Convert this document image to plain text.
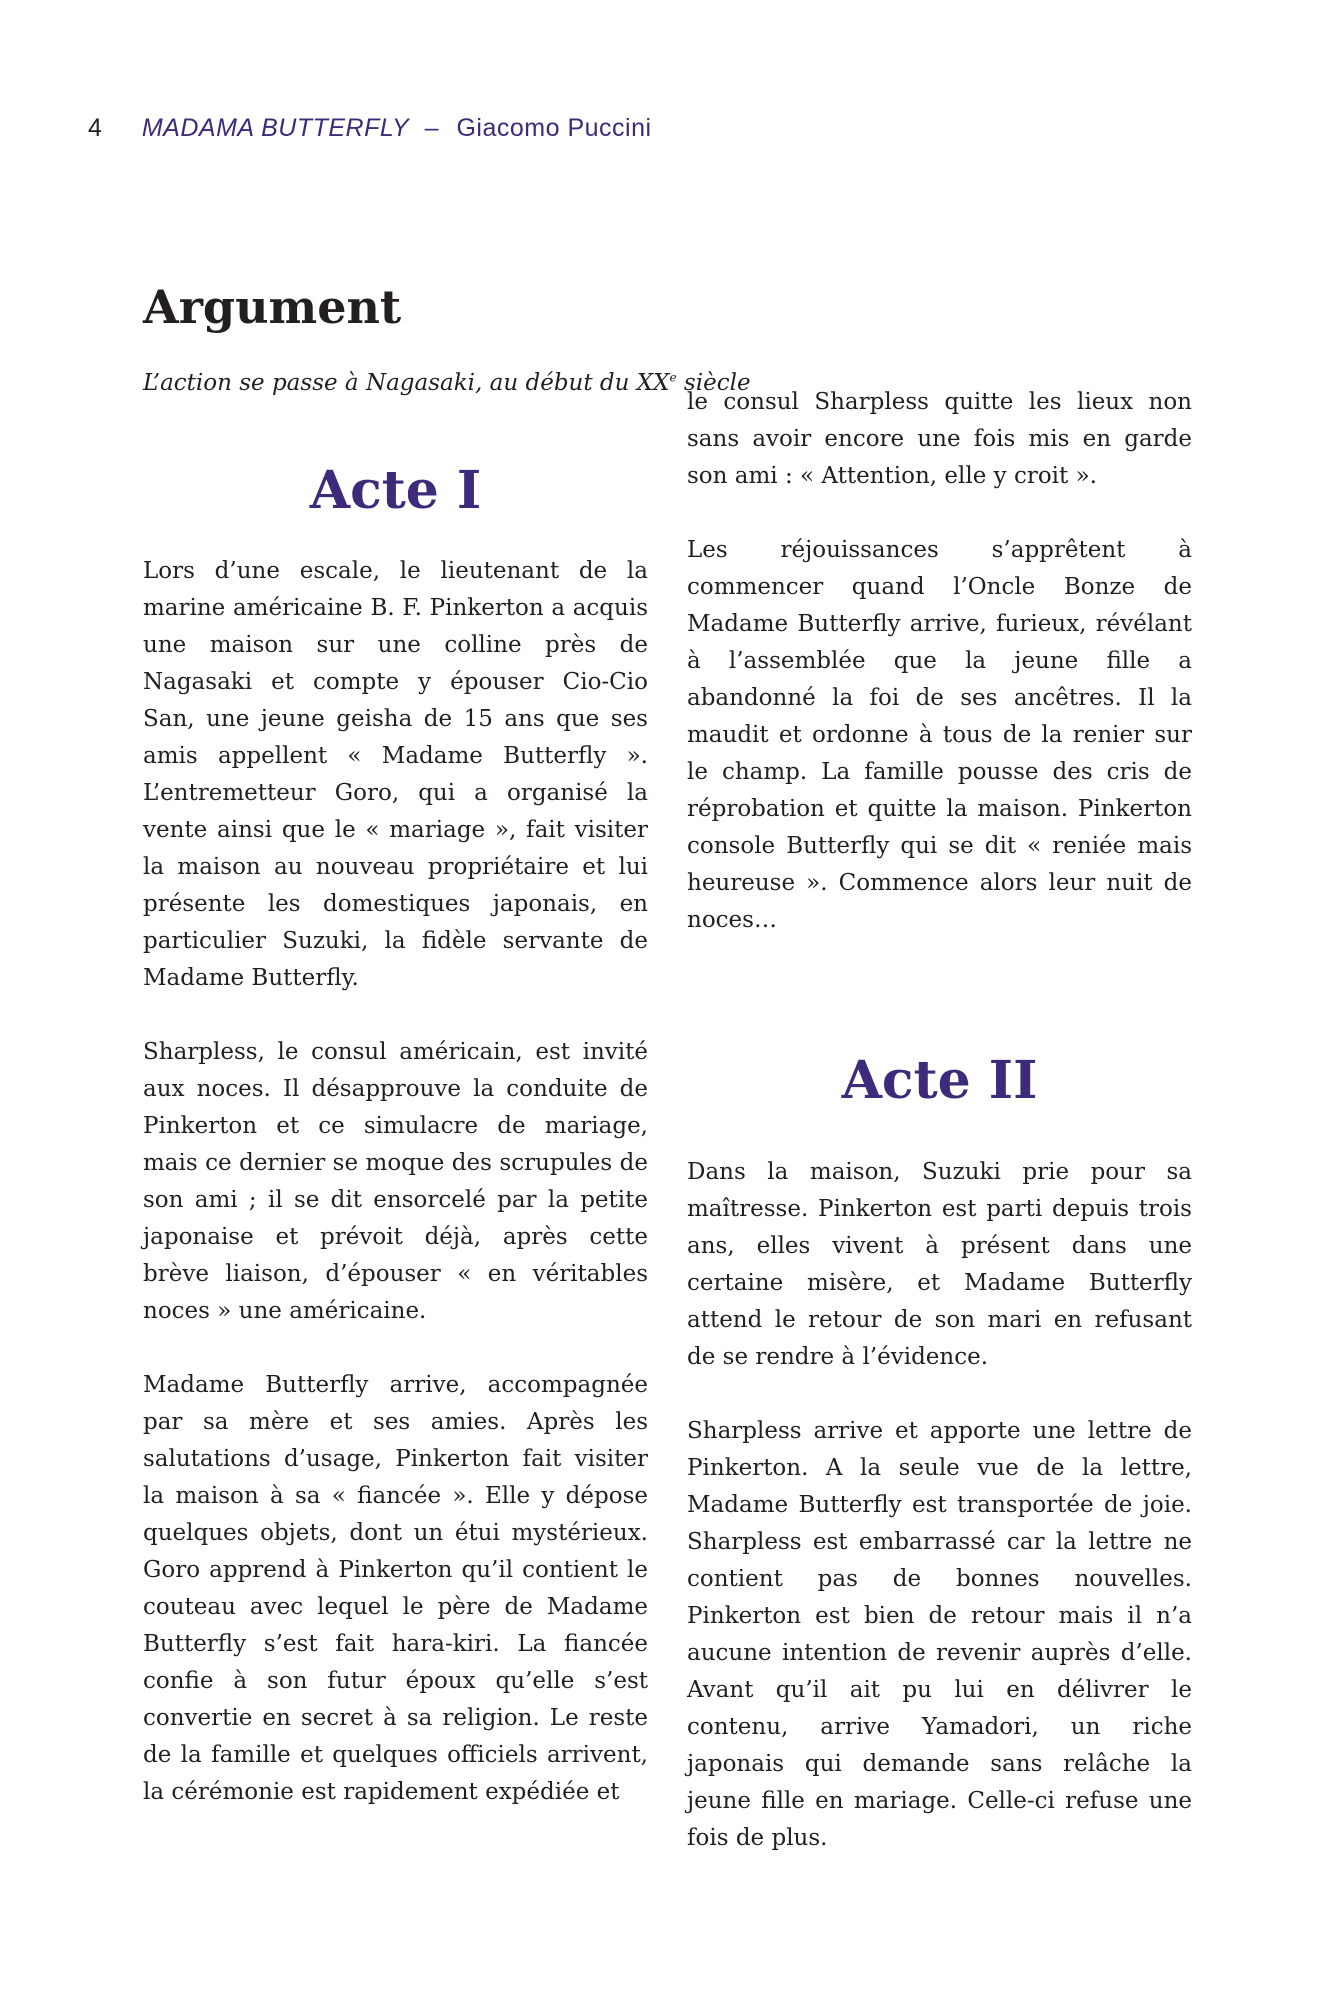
4 MADAMA BUTTERFLY – Giacomo Puccini
Argument
L’action se passe à Nagasaki, au début du XXe siècle
Acte I

Lors d’une escale, le lieutenant de la marine américaine B. F. Pinkerton a acquis une maison sur une colline près de Nagasaki et compte y épouser Cio-Cio San, une jeune geisha de 15 ans que ses amis appellent « Madame Butterfly ». L’entremetteur Goro, qui a organisé la vente ainsi que le « mariage », fait visiter la maison au nouveau propriétaire et lui présente les domestiques japonais, en particulier Suzuki, la fidèle servante de Madame Butterfly.

Sharpless, le consul américain, est invité aux noces. Il désapprouve la conduite de Pinkerton et ce simulacre de mariage, mais ce dernier se moque des scrupules de son ami ; il se dit ensorcelé par la petite japonaise et prévoit déjà, après cette brève liaison, d’épouser « en véritables noces » une américaine.

Madame Butterfly arrive, accompagnée par sa mère et ses amies. Après les salutations d’usage, Pinkerton fait visiter la maison à sa « fiancée ». Elle y dépose quelques objets, dont un étui mystérieux. Goro apprend à Pinkerton qu’il contient le couteau avec lequel le père de Madame Butterfly s’est fait hara-kiri. La fiancée confie à son futur époux qu’elle s’est convertie en secret à sa religion. Le reste de la famille et quelques officiels arrivent, la cérémonie est rapidement expédiée et

le consul Sharpless quitte les lieux non sans avoir encore une fois mis en garde son ami : « Attention, elle y croit ».

Les réjouissances s’apprêtent à commencer quand l’Oncle Bonze de Madame Butterfly arrive, furieux, révélant à l’assemblée que la jeune fille a abandonné la foi de ses ancêtres. Il la maudit et ordonne à tous de la renier sur le champ. La famille pousse des cris de réprobation et quitte la maison. Pinkerton console Butterfly qui se dit « reniée mais heureuse ». Commence alors leur nuit de noces…

Acte II

Dans la maison, Suzuki prie pour sa maîtresse. Pinkerton est parti depuis trois ans, elles vivent à présent dans une certaine misère, et Madame Butterfly attend le retour de son mari en refusant de se rendre à l’évidence.

Sharpless arrive et apporte une lettre de Pinkerton. A la seule vue de la lettre, Madame Butterfly est transportée de joie. Sharpless est embarrassé car la lettre ne contient pas de bonnes nouvelles. Pinkerton est bien de retour mais il n’a aucune intention de revenir auprès d’elle. Avant qu’il ait pu lui en délivrer le contenu, arrive Yamadori, un riche japonais qui demande sans relâche la jeune fille en mariage. Celle-ci refuse une fois de plus.
